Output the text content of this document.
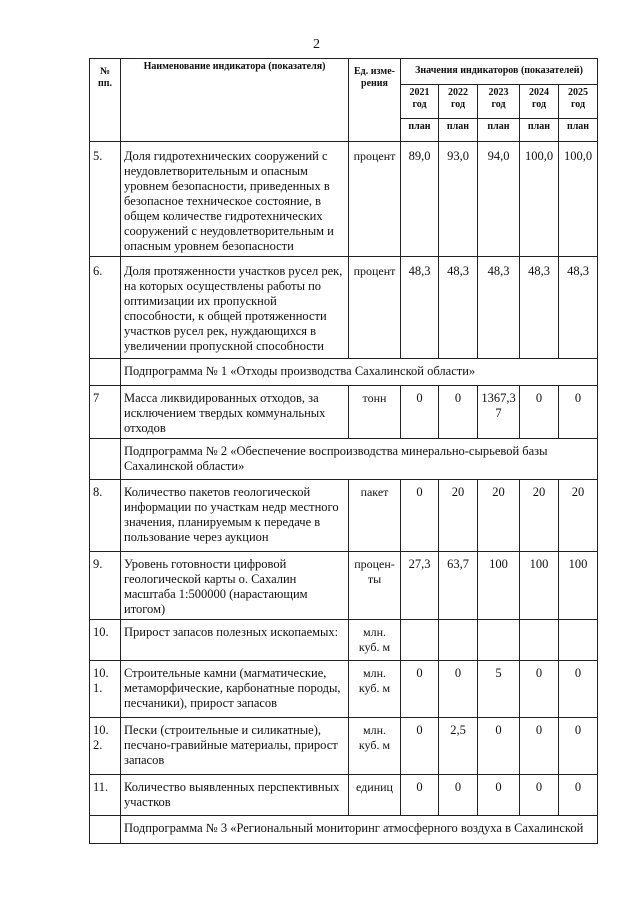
2
№ пп.	Наименование индикатора (показателя)	Ед. изме-рения	Значения индикаторов (показателей)				
			2021 год	2022 год	2023 год	2024 год	2025 год
			план	план	план	план	план
5.	Доля гидротехнических сооружений с неудовлетворительным и опасным уровнем безопасности, приведенных в безопасное техническое состояние, в общем количестве гидротехнических сооружений с неудовлетворительным и опасным уровнем безопасности	процент	89,0	93,0	94,0	100,0	100,0
6.	Доля протяженности участков русел рек, на которых осуществлены работы по оптимизации их пропускной способности, к общей протяженности участков русел рек, нуждающихся в увеличении пропускной способности	процент	48,3	48,3	48,3	48,3	48,3
	Подпрограмма № 1 «Отходы производства Сахалинской области»						
7	Масса ликвидированных отходов, за исключением твердых коммунальных отходов	тонн	0	0	1367,37	0	0
	Подпрограмма № 2 «Обеспечение воспроизводства минерально-сырьевой базы Сахалинской области»						
8.	Количество пакетов геологической информации по участкам недр местного значения, планируемым к передаче в пользование через аукцион	пакет	0	20	20	20	20
9.	Уровень готовности цифровой геологической карты о. Сахалин масштаба 1:500000 (нарастающим итогом)	процен-ты	27,3	63,7	100	100	100
10.	Прирост запасов полезных ископаемых:	млн. куб. м					
10.1.	Строительные камни (магматические, метаморфические, карбонатные породы, песчаники), прирост запасов	млн. куб. м	0	0	5	0	0
10.2.	Пески (строительные и силикатные), песчано-гравийные материалы, прирост запасов	млн. куб. м	0	2,5	0	0	0
11.	Количество выявленных перспективных участков	единиц	0	0	0	0	0
	Подпрограмма № 3 «Региональный мониторинг атмосферного воздуха в Сахалинской						
